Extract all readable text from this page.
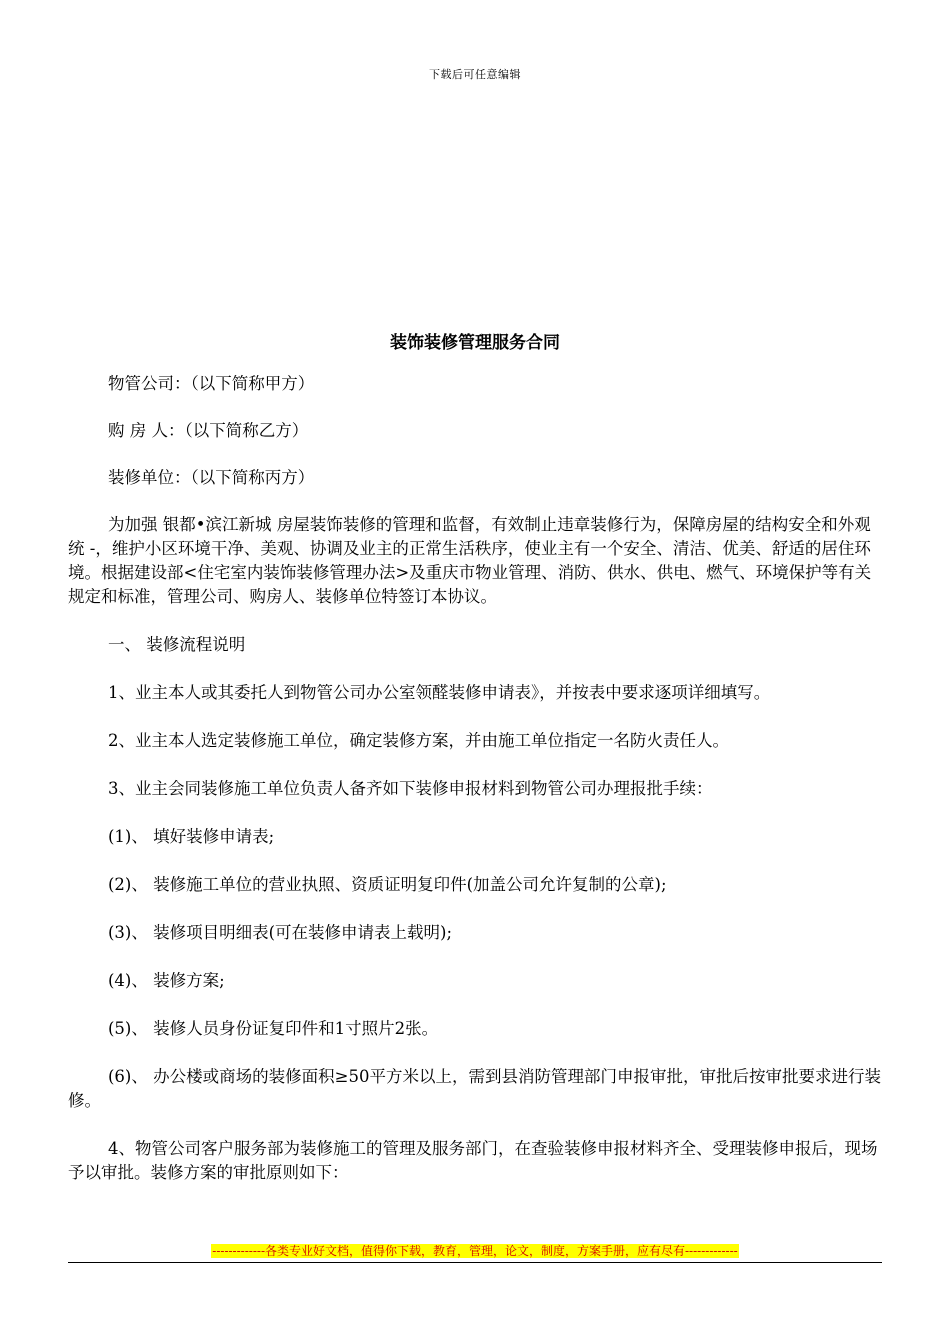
下载后可任意编辑
装饰装修管理服务合同

物管公司：（以下简称甲方）

购 房 人：（以下简称乙方）

装修单位：（以下简称丙方）

为加强 银都•滨江新城 房屋装饰装修的管理和监督，有效制止违章装修行为，保障房屋的结构安全和外观统 -，维护小区环境干净、美观、协调及业主的正常生活秩序，使业主有一个安全、清洁、优美、舒适的居住环境。根据建设部<住宅室内装饰装修管理办法>及重庆市物业管理、消防、供水、供电、燃气、环境保护等有关规定和标准，管理公司、购房人、装修单位特签订本协议。

一、 装修流程说明

1、业主本人或其委托人到物管公司办公室领醛装修申请表》，并按表中要求逐项详细填写。

2、业主本人选定装修施工单位，确定装修方案，并由施工单位指定一名防火责任人。

3、业主会同装修施工单位负责人备齐如下装修申报材料到物管公司办理报批手续：

(1)、 填好装修申请表;

(2)、 装修施工单位的营业执照、资质证明复印件(加盖公司允许复制的公章);

(3)、 装修项目明细表(可在装修申请表上载明);

(4)、 装修方案;

(5)、 装修人员身份证复印件和1寸照片2张。

(6)、 办公楼或商场的装修面积≥50平方米以上，需到县消防管理部门申报审批，审批后按审批要求进行装修。

4、物管公司客户服务部为装修施工的管理及服务部门，在查验装修申报材料齐全、受理装修申报后，现场予以审批。装修方案的审批原则如下：

-------------各类专业好文档，值得你下载，教育，管理，论文，制度，方案手册，应有尽有-------------
